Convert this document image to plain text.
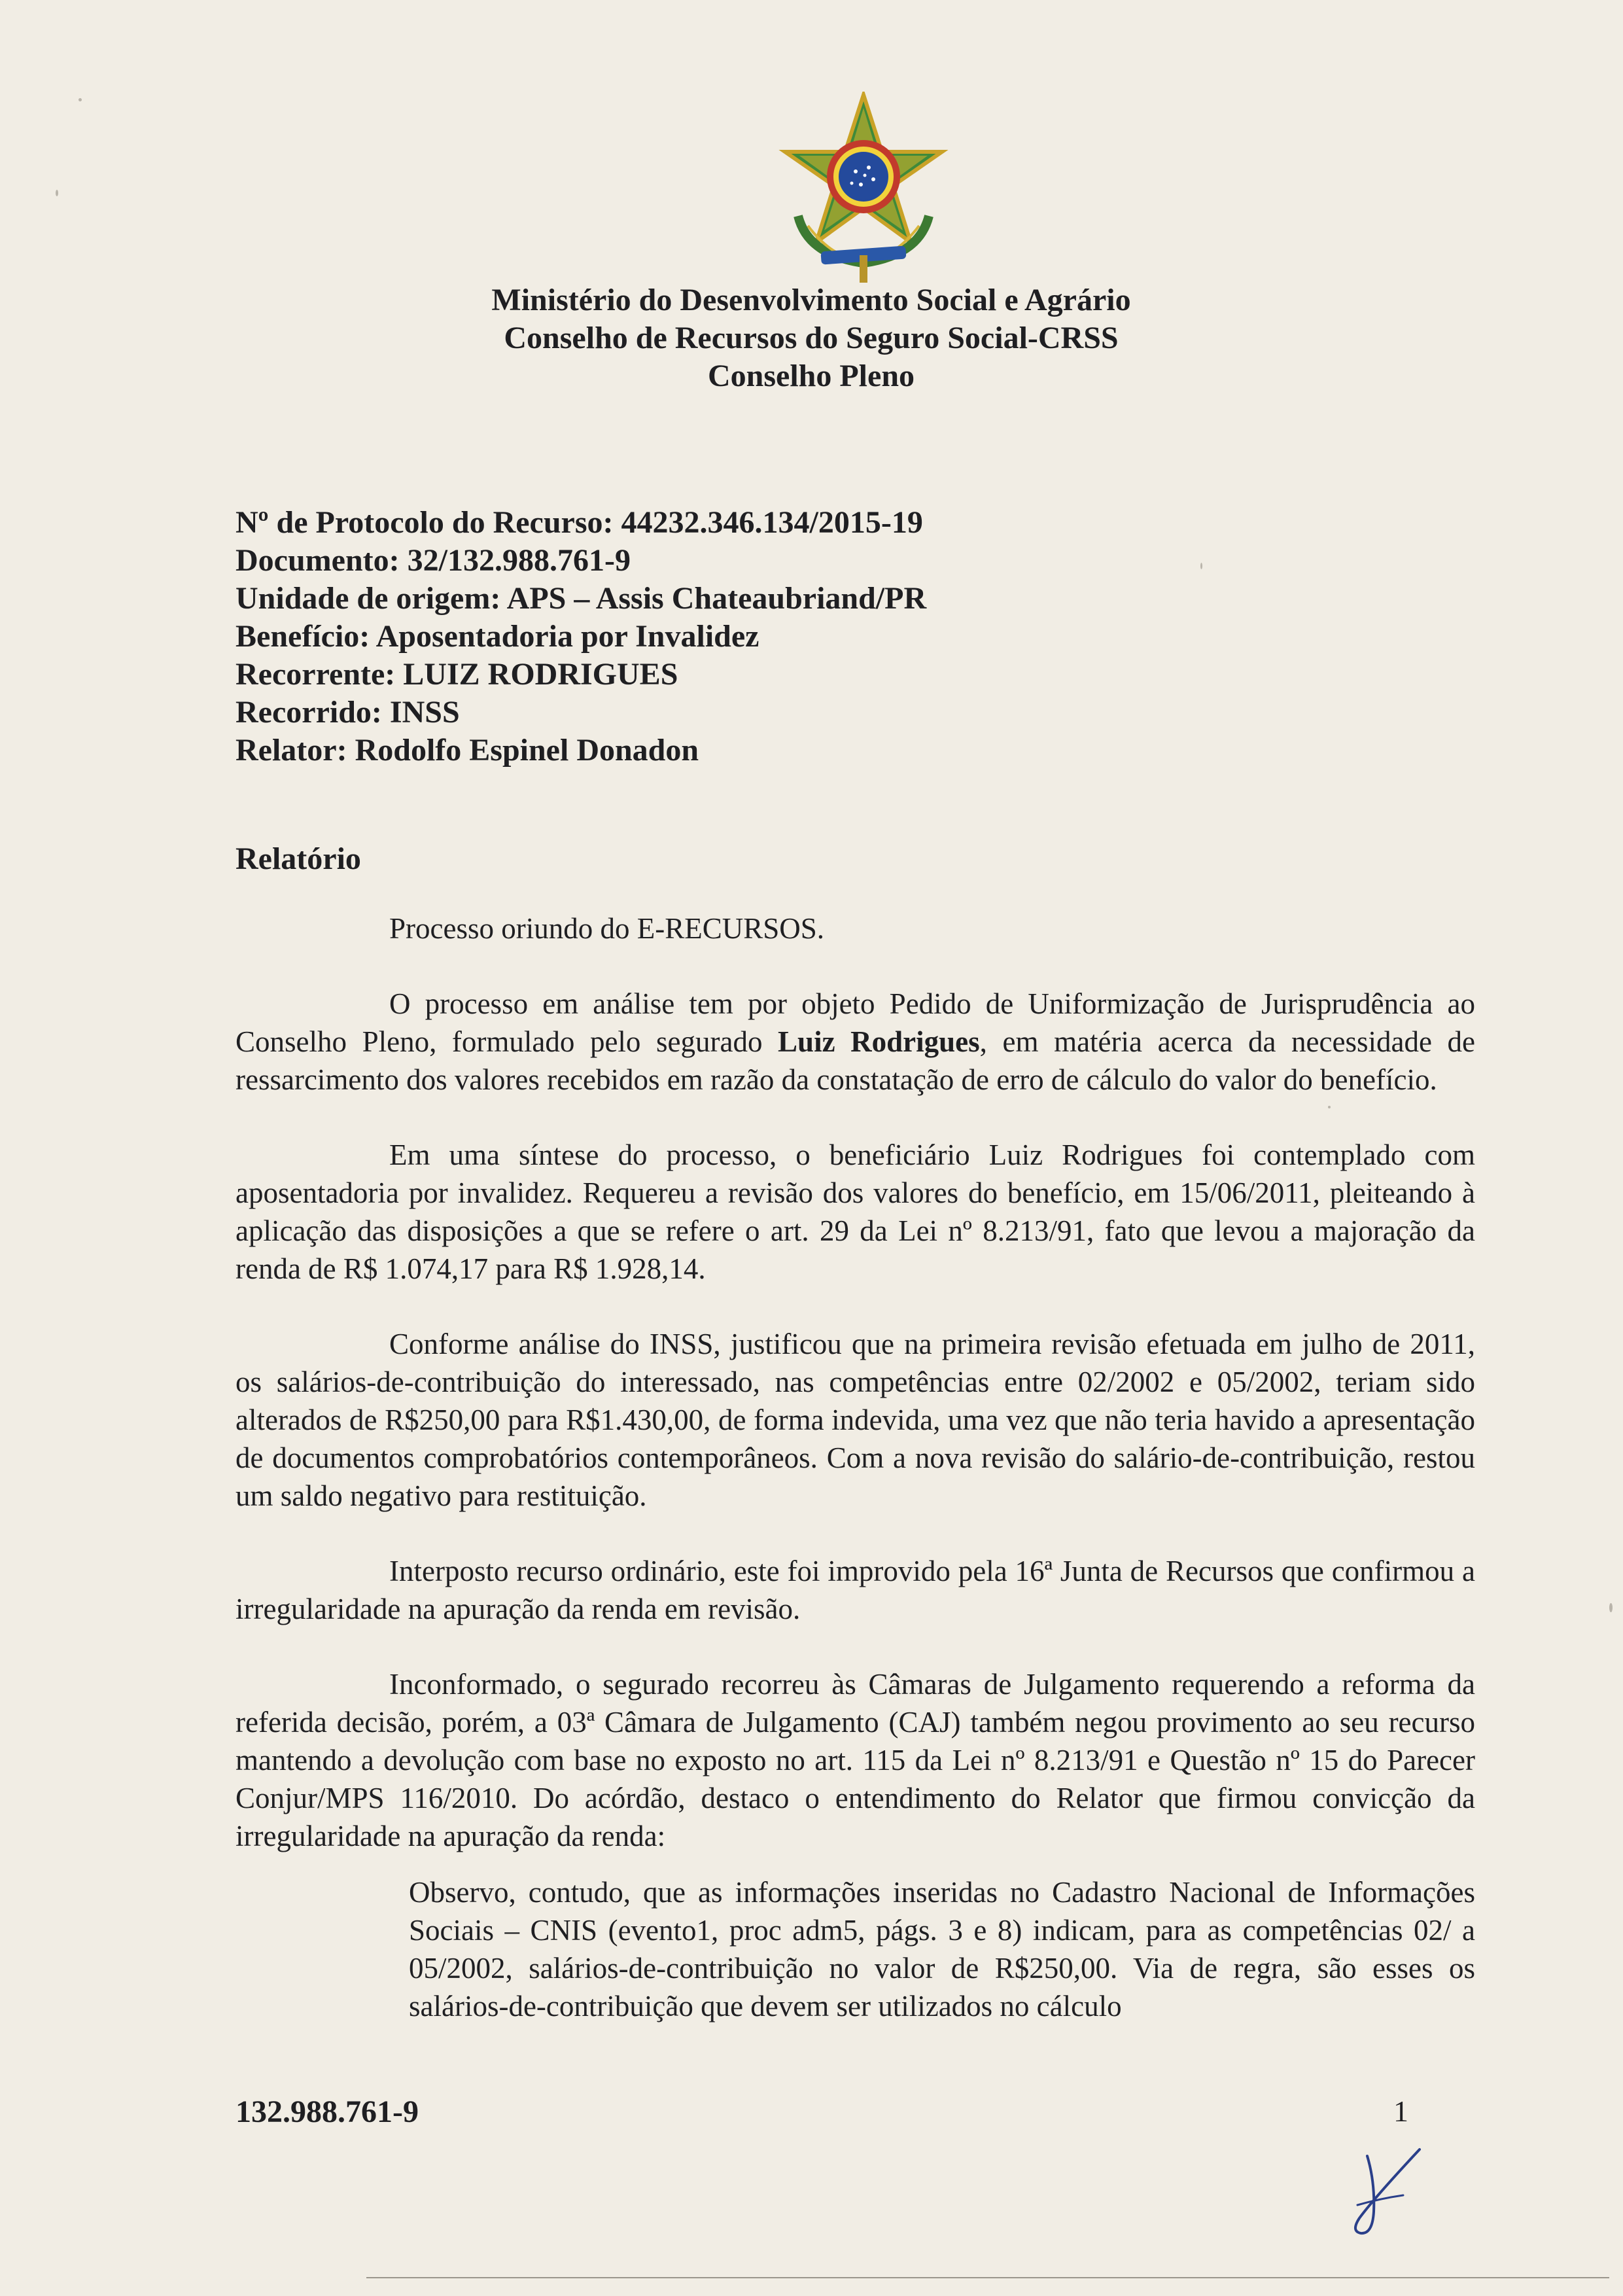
Ministério do Desenvolvimento Social e Agrário
Conselho de Recursos do Seguro Social-CRSS
Conselho Pleno
Nº de Protocolo do Recurso: 44232.346.134/2015-19
Documento: 32/132.988.761-9
Unidade de origem: APS – Assis Chateaubriand/PR
Benefício: Aposentadoria por Invalidez
Recorrente: LUIZ RODRIGUES
Recorrido: INSS
Relator: Rodolfo Espinel Donadon
Relatório

Processo oriundo do E-RECURSOS.

O processo em análise tem por objeto Pedido de Uniformização de Jurisprudência ao Conselho Pleno, formulado pelo segurado Luiz Rodrigues, em matéria acerca da necessidade de ressarcimento dos valores recebidos em razão da constatação de erro de cálculo do valor do benefício.

Em uma síntese do processo, o beneficiário Luiz Rodrigues foi contemplado com aposentadoria por invalidez. Requereu a revisão dos valores do benefício, em 15/06/2011, pleiteando à aplicação das disposições a que se refere o art. 29 da Lei nº 8.213/91, fato que levou a majoração da renda de R$ 1.074,17 para R$ 1.928,14.

Conforme análise do INSS, justificou que na primeira revisão efetuada em julho de 2011, os salários-de-contribuição do interessado, nas competências entre 02/2002 e 05/2002, teriam sido alterados de R$250,00 para R$1.430,00, de forma indevida, uma vez que não teria havido a apresentação de documentos comprobatórios contemporâneos. Com a nova revisão do salário-de-contribuição, restou um saldo negativo para restituição.

Interposto recurso ordinário, este foi improvido pela 16ª Junta de Recursos que confirmou a irregularidade na apuração da renda em revisão.

Inconformado, o segurado recorreu às Câmaras de Julgamento requerendo a reforma da referida decisão, porém, a 03ª Câmara de Julgamento (CAJ) também negou provimento ao seu recurso mantendo a devolução com base no exposto no art. 115 da Lei nº 8.213/91 e Questão nº 15 do Parecer Conjur/MPS 116/2010. Do acórdão, destaco o entendimento do Relator que firmou convicção da irregularidade na apuração da renda:

Observo, contudo, que as informações inseridas no Cadastro Nacional de Informações Sociais – CNIS (evento1, proc adm5, págs. 3 e 8) indicam, para as competências 02/ a 05/2002, salários-de-contribuição no valor de R$250,00. Via de regra, são esses os salários-de-contribuição que devem ser utilizados no cálculo

132.988.761-9	1
